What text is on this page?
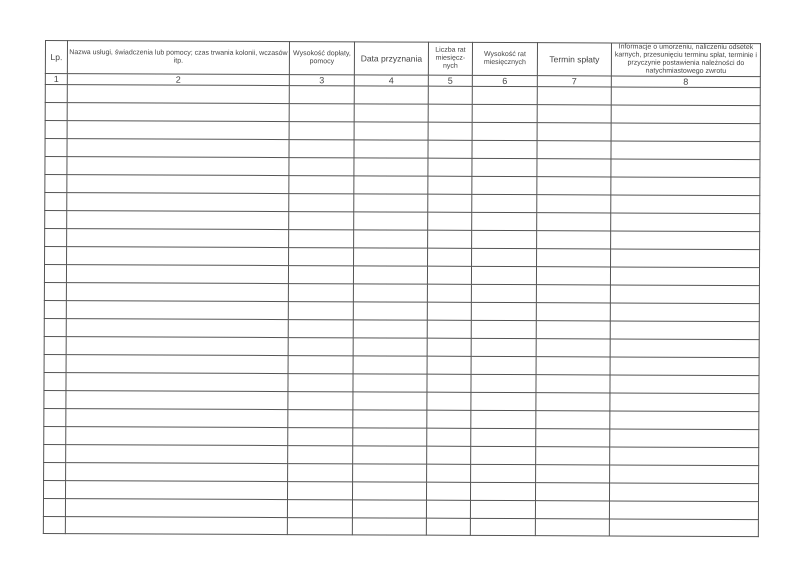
Lp.	Nazwa usługi, świadczenia lub pomocy; czas trwania kolonii, wczasów itp.	Wysokość dopłaty, pomocy	Data przyznania	Liczba rat miesięcz- nych	Wysokość rat miesięcznych	Termin spłaty	Informacje o umorzeniu, naliczeniu odsetek karnych, przesunięciu terminu spłat, terminie i przyczynie postawienia należności do natychmiastowego zwrotu
1	2	3	4	5	6	7	8
